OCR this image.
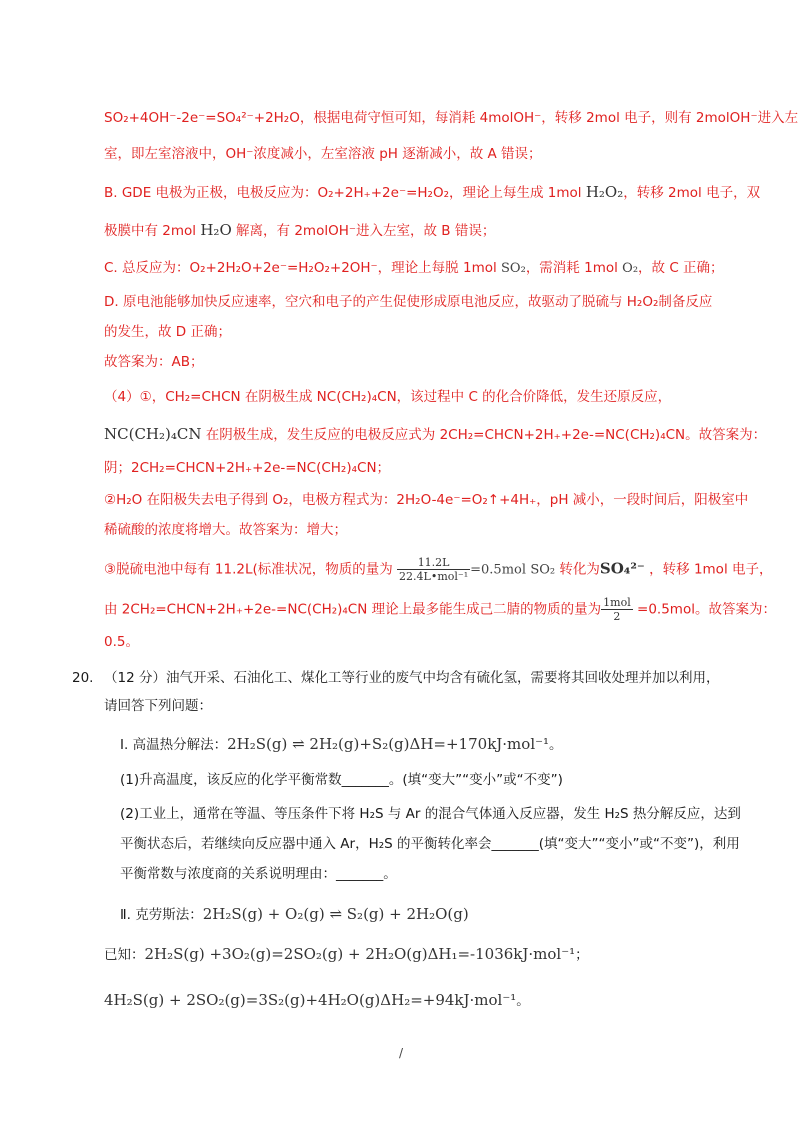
SO₂+4OH⁻-2e⁻=SO₄²⁻+2H₂O，根据电荷守恒可知，每消耗 4molOH⁻，转移 2mol 电子，则有 2molOH⁻进入左
室，即左室溶液中，OH⁻浓度减小，左室溶液 pH 逐渐减小，故 A 错误；
B. GDE 电极为正极，电极反应为：O₂+2H₊+2e⁻=H₂O₂，理论上每生成 1mol H₂O₂，转移 2mol 电子，双
极膜中有 2mol H₂O 解离，有 2molOH⁻进入左室，故 B 错误；
C. 总反应为：O₂+2H₂O+2e⁻=H₂O₂+2OH⁻，理论上每脱 1mol SO₂，需消耗 1mol O₂，故 C 正确；
D. 原电池能够加快反应速率，空穴和电子的产生促使形成原电池反应，故驱动了脱硫与 H₂O₂制备反应
的发生，故 D 正确；
故答案为：AB；
（4）①，CH₂=CHCN 在阴极生成 NC(CH₂)₄CN，该过程中 C 的化合价降低，发生还原反应，
NC(CH₂)₄CN 在阴极生成，发生反应的电极反应式为 2CH₂=CHCN+2H₊+2e-=NC(CH₂)₄CN。故答案为：
阴；2CH₂=CHCN+2H₊+2e-=NC(CH₂)₄CN；
②H₂O 在阳极失去电子得到 O₂，电极方程式为：2H₂O-4e⁻=O₂↑+4H₊，pH 减小，一段时间后，阳极室中
稀硫酸的浓度将增大。故答案为：增大；
③脱硫电池中每有 11.2L(标准状况，物质的量为 $\frac{11.2L}{\text{22.4L•mol⁻¹}} =0.5mol$ SO₂ 转化为SO₄²⁻ ，转移 1mol 电子，
由 2CH₂=CHCN+2H₊+2e-=NC(CH₂)₄CN 理论上最多能生成己二腈的物质的量为 $\frac{\text{1mol}}{2} =0.5mol$。故答案为：
0.5。
20. （12 分）油气开采、石油化工、煤化工等行业的废气中均含有硫化氢，需要将其回收处理并加以利用，
请回答下列问题：
Ⅰ. 高温热分解法：2H₂S(g) ⇌ 2H₂(g)+S₂(g)ΔH=+170kJ·mol⁻¹。
(1)升高温度，该反应的化学平衡常数_______。(填“变大”“变小”或“不变”)
(2)工业上，通常在等温、等压条件下将 H₂S 与 Ar 的混合气体通入反应器，发生 H₂S 热分解反应，达到
平衡状态后，若继续向反应器中通入 Ar，H₂S 的平衡转化率会_______(填“变大”“变小”或“不变”)，利用
平衡常数与浓度商的关系说明理由：_______。
Ⅱ. 克劳斯法：2H₂S(g) + O₂(g) ⇌ S₂(g) + 2H₂O(g)
已知：2H₂S(g) +3O₂(g)=2SO₂(g) + 2H₂O(g)ΔH₁=-1036kJ·mol⁻¹；
4H₂S(g) + 2SO₂(g)=3S₂(g)+4H₂O(g)ΔH₂=+94kJ·mol⁻¹。
/
